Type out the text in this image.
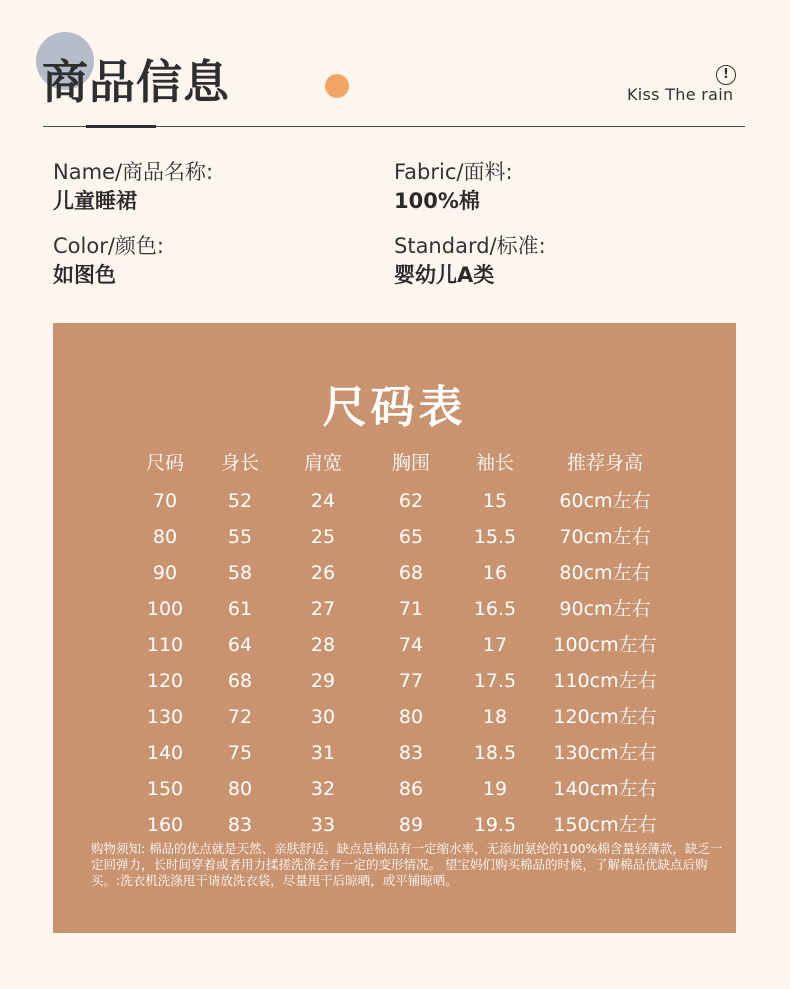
商品信息	!
Kiss The rain
Name/商品名称:
儿童睡裙
Fabric/面料:
100%棉
Color/颜色:
如图色
Standard/标准:
婴幼儿A类
尺码表
尺码	身长	肩宽	胸围	袖长	推荐身高
70	52	24	62	15	60cm左右
80	55	25	65	15.5	70cm左右
90	58	26	68	16	80cm左右
100	61	27	71	16.5	90cm左右
110	64	28	74	17	100cm左右
120	68	29	77	17.5	110cm左右
130	72	30	80	18	120cm左右
140	75	31	83	18.5	130cm左右
150	80	32	86	19	140cm左右
160	83	33	89	19.5	150cm左右
购物须知: 棉品的优点就是天然、亲肤舒适。缺点是棉品有一定缩水率，无添加氨纶的100%棉含量轻薄款，缺乏一定回弹力，长时间穿着或者用力揉搓洗涤会有一定的变形情况。 望宝妈们购买棉品的时候，了解棉品优缺点后购买。:洗衣机洗涤甩干请放洗衣袋，尽量甩干后晾晒，或平铺晾晒。
